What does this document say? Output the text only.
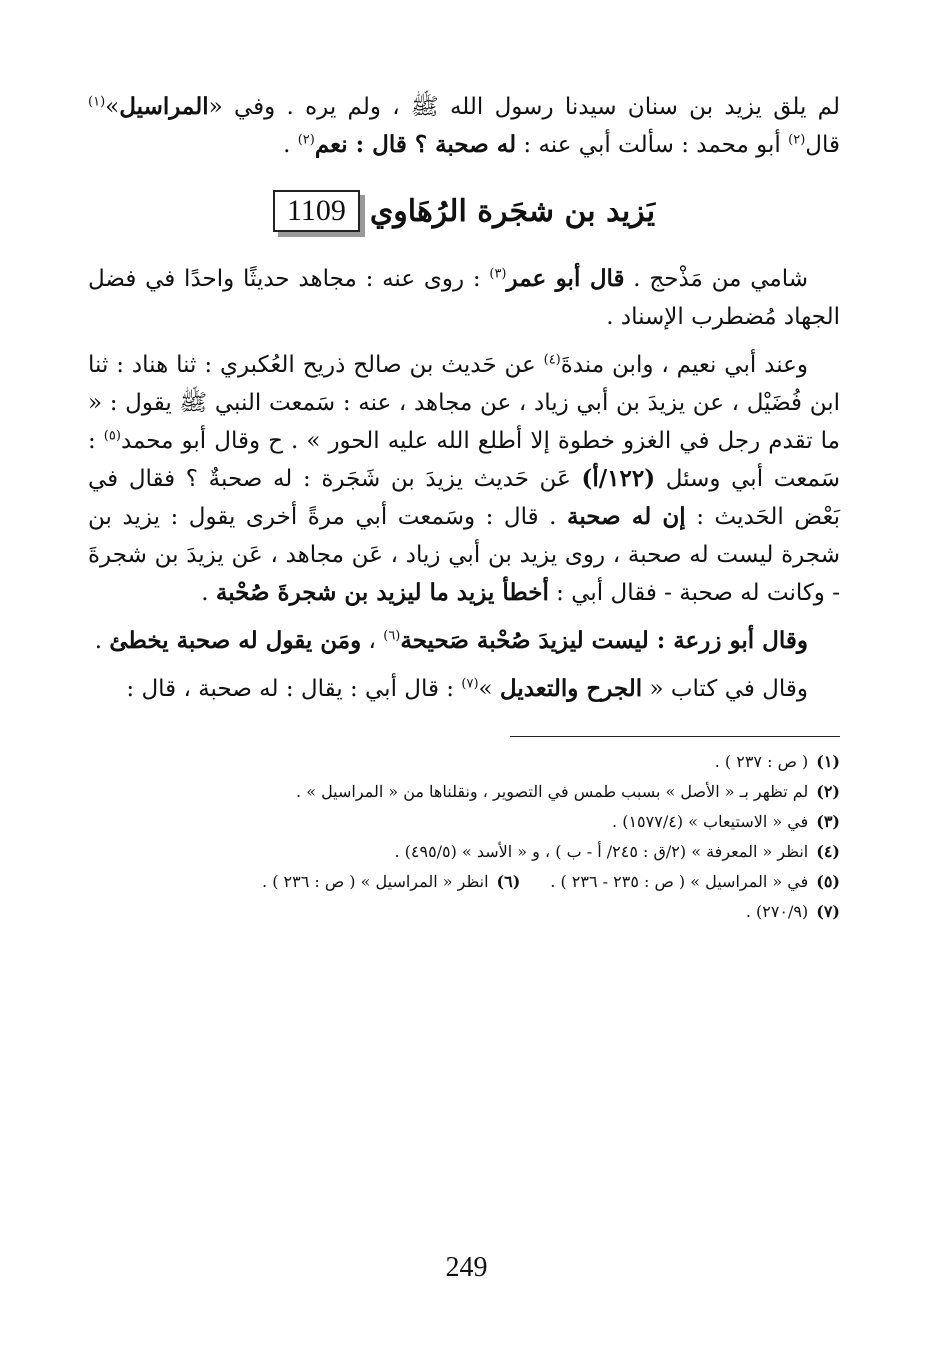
لم يلق يزيد بن سنان سيدنا رسول الله ﷺ ، ولم يره . وفي «المراسيل»$^{(١)}$ قال$^{(٢)}$ أبو محمد : سألت أبي عنه : له صحبة ؟ قال : نعم$^{(٢)}$ .

1109 يَزيد بن شجَرة الرُهَاوي

شامي من مَذْحج . قال أبو عمر$^{(٣)}$ : روى عنه : مجاهد حديثًا واحدًا في فضل الجهاد مُضطرب الإسناد .

وعند أبي نعيم ، وابن مندةَ$^{(٤)}$ عن حَديث بن صالح ذريح العُكبري : ثنا هناد : ثنا ابن فُضَيْل ، عن يزيدَ بن أبي زياد ، عن مجاهد ، عنه : سَمعت النبي ﷺ يقول : « ما تقدم رجل في الغزو خطوة إلا أطلع الله عليه الحور » . ح وقال أبو محمد$^{(٥)}$ : سَمعت أبي وسئل (١٢٢/أ) عَن حَديث يزيدَ بن شَجَرة : له صحبةٌ ؟ فقال في بَعْض الحَديث : إن له صحبة . قال : وسَمعت أبي مرةً أخرى يقول : يزيد بن شجرة ليست له صحبة ، روى يزيد بن أبي زياد ، عَن مجاهد ، عَن يزيدَ بن شجرةَ - وكانت له صحبة - فقال أبي : أخطأ يزيد ما ليزيد بن شجرةَ صُحْبة .

وقال أبو زرعة : ليست ليزيدَ صُحْبة صَحيحة$^{(٦)}$ ، ومَن يقول له صحبة يخطئ .

وقال في كتاب « الجرح والتعديل »$^{(٧)}$ : قال أبي : يقال : له صحبة ، قال :

(١)( ص : ٢٣٧ ) .

(٢)لم تظهر بـ « الأصل » بسبب طمس في التصوير ، ونقلناها من « المراسيل » .

(٣)في « الاستيعاب » (١٥٧٧/٤) .

(٤)انظر « المعرفة » (٢/ق : ٢٤٥/ أ - ب ) ، و « الأسد » (٤٩٥/٥) .

(٥)في « المراسيل » ( ص : ٢٣٥ - ٢٣٦ ) .(٦)انظر « المراسيل » ( ص : ٢٣٦ ) .

(٧)(٢٧٠/٩) .

249
